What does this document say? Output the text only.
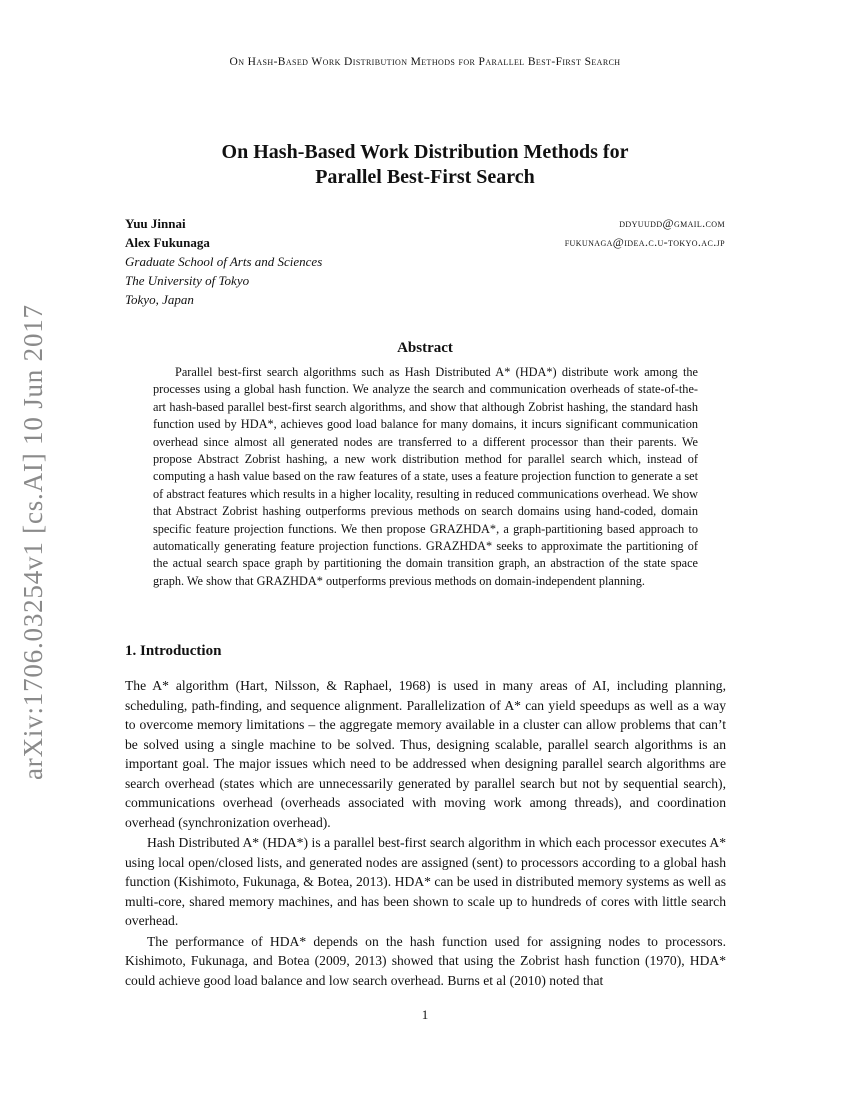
On Hash-Based Work Distribution Methods for Parallel Best-First Search
arXiv:1706.03254v1 [cs.AI] 10 Jun 2017
On Hash-Based Work Distribution Methods for
Parallel Best-First Search
Yuu Jinnai	ddyuudd@gmail.com
Alex Fukunaga	fukunaga@idea.c.u-tokyo.ac.jp
Graduate School of Arts and Sciences
The University of Tokyo
Tokyo, Japan
Abstract
Parallel best-first search algorithms such as Hash Distributed A* (HDA*) distribute work among the processes using a global hash function. We analyze the search and communication overheads of state-of-the-art hash-based parallel best-first search algorithms, and show that although Zobrist hashing, the standard hash function used by HDA*, achieves good load balance for many domains, it incurs significant communication overhead since almost all generated nodes are transferred to a different processor than their parents. We propose Abstract Zobrist hashing, a new work distribution method for parallel search which, instead of computing a hash value based on the raw features of a state, uses a feature projection function to generate a set of abstract features which results in a higher locality, resulting in reduced communications overhead. We show that Abstract Zobrist hashing outperforms previous methods on search domains using hand-coded, domain specific feature projection functions. We then propose GRAZHDA*, a graph-partitioning based approach to automatically generating feature projection functions. GRAZHDA* seeks to approximate the partitioning of the actual search space graph by partitioning the domain transition graph, an abstraction of the state space graph. We show that GRAZHDA* outperforms previous methods on domain-independent planning.
1. Introduction

The A* algorithm (Hart, Nilsson, & Raphael, 1968) is used in many areas of AI, including planning, scheduling, path-finding, and sequence alignment. Parallelization of A* can yield speedups as well as a way to overcome memory limitations – the aggregate memory available in a cluster can allow problems that can’t be solved using a single machine to be solved. Thus, designing scalable, parallel search algorithms is an important goal. The major issues which need to be addressed when designing parallel search algorithms are search overhead (states which are unnecessarily generated by parallel search but not by sequential search), communications overhead (overheads associated with moving work among threads), and coordination overhead (synchronization overhead).

Hash Distributed A* (HDA*) is a parallel best-first search algorithm in which each processor executes A* using local open/closed lists, and generated nodes are assigned (sent) to processors according to a global hash function (Kishimoto, Fukunaga, & Botea, 2013). HDA* can be used in distributed memory systems as well as multi-core, shared memory machines, and has been shown to scale up to hundreds of cores with little search overhead.

The performance of HDA* depends on the hash function used for assigning nodes to processors. Kishimoto, Fukunaga, and Botea (2009, 2013) showed that using the Zobrist hash function (1970), HDA* could achieve good load balance and low search overhead. Burns et al (2010) noted that

1
